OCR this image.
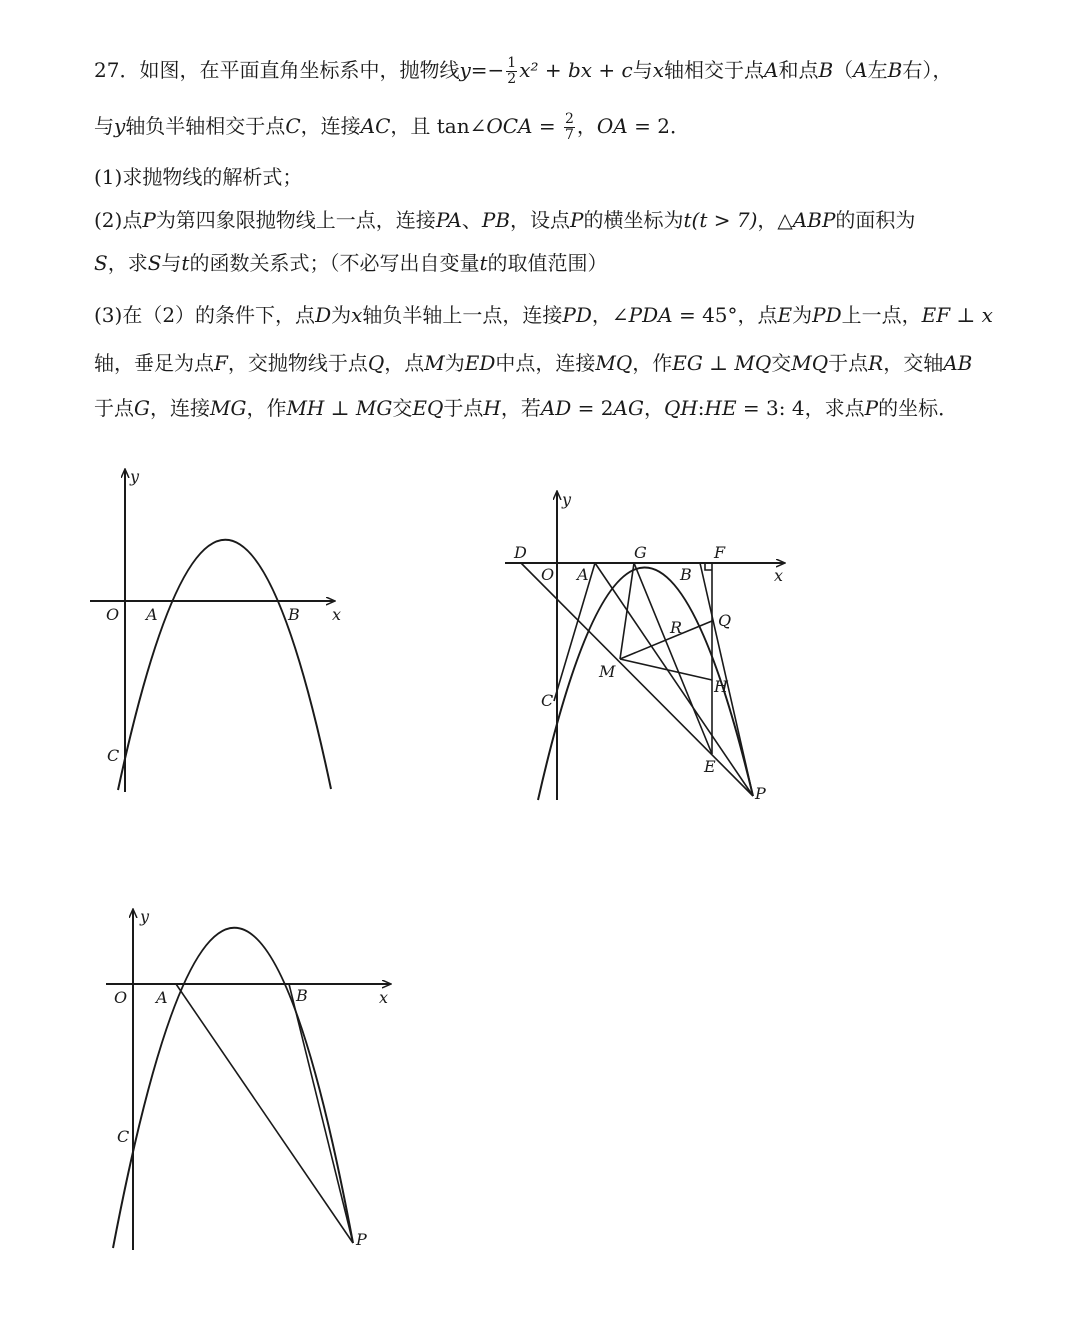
27．如图，在平面直角坐标系中，抛物线$y=- \frac{1}{2} x^2$ + bx + c与x轴相交于点A和点B（A左B右），
与y轴负半轴相交于点C，连接AC，且 tan∠OCA = $\frac{2}{7}$ ，OA = 2．
(1)求抛物线的解析式；
(2)点P为第四象限抛物线上一点，连接PA、PB，设点P的横坐标为t(t > 7)，△ABP的面积为
S，求S与t的函数关系式；（不必写出自变量t的取值范围）
(3)在（2）的条件下，点D为x轴负半轴上一点，连接PD，∠PDA = 45°，点E为PD上一点，EF ⊥ x
轴，垂足为点F，交抛物线于点Q，点M为ED中点，连接MQ，作EG ⊥ MQ交MQ于点R，交轴AB
于点G，连接MG，作MH ⊥ MG交EQ于点H，若AD = 2AG，QH:HE = 3: 4，求点P的坐标．
y
x
O A	B
C
y
x
D
O A
G	F
B
Q
R
M
H
C
E
P
y
x
O A	B
C
P
